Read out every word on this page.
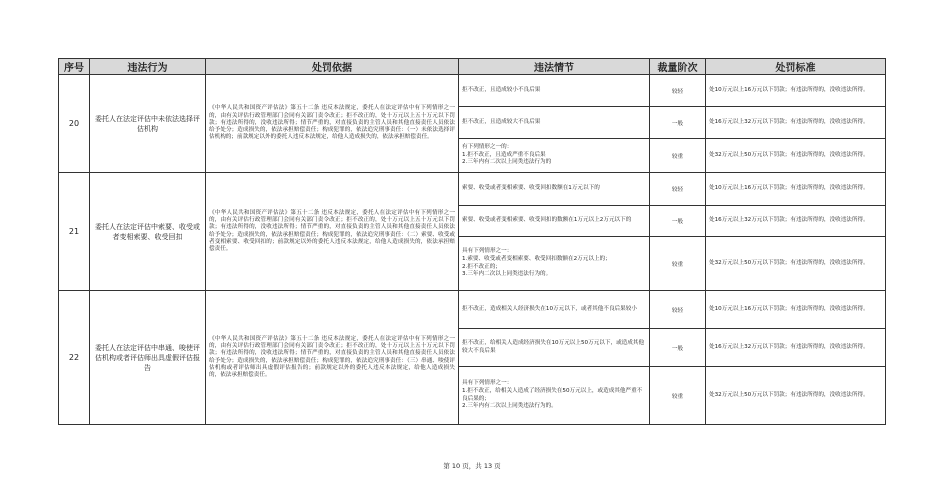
序号	违法行为	处罚依据	违法情节	裁量阶次	处罚标准
20	委托人在法定评估中未依法选择评估机构	《中华人民共和国资产评估法》第五十二条 违反本法规定，委托人在法定评估中有下列情形之一的，由有关评估行政管理部门会同有关部门责令改正；拒不改正的，处十万元以上五十万元以下罚款；有违法所得的，没收违法所得；情节严重的，对直接负责的主管人员和其他直接责任人员依法给予处分；造成损失的，依法承担赔偿责任；构成犯罪的，依法追究刑事责任：（一）未依法选择评估机构的；前款规定以外的委托人违反本法规定，给他人造成损失的，依法承担赔偿责任。	拒不改正，且造成较小不良后果	较轻	处10万元以上16万元以下罚款；有违法所得的，没收违法所得。
			拒不改正，且造成较大不良后果	一般	处16万元以上32万元以下罚款；有违法所得的，没收违法所得。
			有下列情形之一的：
1.拒不改正，且造成严重不良后果
2.三年内有二次以上同类违法行为的	较重	处32万元以上50万元以下罚款；有违法所得的，没收违法所得。
21	委托人在法定评估中索要、收受或者变相索要、收受回扣	《中华人民共和国资产评估法》第五十二条 违反本法规定，委托人在法定评估中有下列情形之一的，由有关评估行政管理部门会同有关部门责令改正；拒不改正的，处十万元以上五十万元以下罚款；有违法所得的，没收违法所得；情节严重的，对直接负责的主管人员和其他直接责任人员依法给予处分；造成损失的，依法承担赔偿责任；构成犯罪的，依法追究刑事责任：（二）索要、收受或者变相索要、收受回扣的；前款规定以外的委托人违反本法规定，给他人造成损失的，依法承担赔偿责任。	索要、收受或者变相索要、收受回扣数额在1万元以下的	较轻	处10万元以上16万元以下罚款；有违法所得的，没收违法所得。
			索要、收受或者变相索要、收受回扣的数额在1万元以上2万元以下的	一般	处16万元以上32万元以下罚款；有违法所得的，没收违法所得。
			具有下列情形之一：
1.索要、收受或者变相索要、收受回扣数额在2万元以上的；
2.拒不改正的；
3.三年内二次以上同类违法行为的。	较重	处32万元以上50万元以下罚款；有违法所得的，没收违法所得。
22	委托人在法定评估中串通、唆使评估机构或者评估师出具虚假评估报告	《中华人民共和国资产评估法》第五十二条 违反本法规定，委托人在法定评估中有下列情形之一的，由有关评估行政管理部门会同有关部门责令改正；拒不改正的，处十万元以上五十万元以下罚款；有违法所得的，没收违法所得；情节严重的，对直接负责的主管人员和其他直接责任人员依法给予处分；造成损失的，依法承担赔偿责任；构成犯罪的，依法追究刑事责任：（三）串通、唆使评估机构或者评估师出具虚假评估报告的；前款规定以外的委托人违反本法规定，给他人造成损失的，依法承担赔偿责任。	拒不改正，造成相关人经济损失在10万元以下，或者其他不良后果较小	较轻	处10万元以上16万元以下罚款；有违法所得的，没收违法所得。
			拒不改正，给相关人造成经济损失在10万元以上50万元以下，或造成其他较大不良后果	一般	处16万元以上32万元以下罚款；有违法所得的，没收违法所得。
			具有下列情形之一：
1.拒不改正，给相关人造成了经济损失在50万元以上，或造成其他严重不良后果的；
2.三年内有二次以上同类违法行为的。	较重	处32万元以上50万元以下罚款；有违法所得的，没收违法所得。
第 10 页，共 13 页
